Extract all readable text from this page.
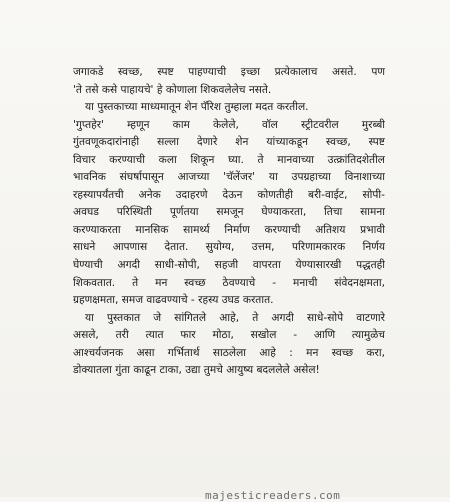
जगाकडे स्वच्छ, स्पष्ट पाहण्याची इच्छा प्रत्येकालाच असते. पण
'ते तसे कसे पाहायचे' हे कोणाला शिकवलेलेच नसते.
या पुस्तकाच्या माध्यमातून शेन पॅरिश तुम्हाला मदत करतील.
'गुप्तहेर' म्हणून काम केलेले, वॉल स्ट्रीटवरील मुरब्बी
गुंतवणूकदारांनाही सल्ला देणारे शेन यांच्याकडून स्वच्छ, स्पष्ट
विचार करण्याची कला शिकून घ्या. ते मानवाच्या उत्क्रांतिदशेतील
भावनिक संघर्षापासून आजच्या 'चॅलेंजर' या उपग्रहाच्या विनाशाच्या
रहस्यापर्यंतची अनेक उदाहरणे देऊन कोणतीही बरी-वाईट, सोपी-
अवघड परिस्थिती पूर्णतया समजून घेण्याकरता, तिचा सामना
करण्याकरता मानसिक सामर्थ्य निर्माण करण्याची अतिशय प्रभावी
साधने आपणास देतात. सुयोग्य, उत्तम, परिणामकारक निर्णय
घेण्याची अगदी साधी-सोपी, सहजी वापरता येण्यासारखी पद्धतही
शिकवतात. ते मन स्वच्छ ठेवण्याचे - मनाची संवेदनक्षमता,
ग्रहणक्षमता, समज वाढवण्याचे - रहस्य उघड करतात.
या पुस्तकात जे सांगितले आहे, ते अगदी साधे-सोपे वाटणारे
असले, तरी त्यात फार मोठा, सखोल - आणि त्यामुळेच
आश्चर्यजनक असा गर्भितार्थ साठलेला आहे : मन स्वच्छ करा,
डोक्यातला गुंता काढून टाका, उद्या तुमचे आयुष्य बदललेले असेल!
majesticreaders.com
